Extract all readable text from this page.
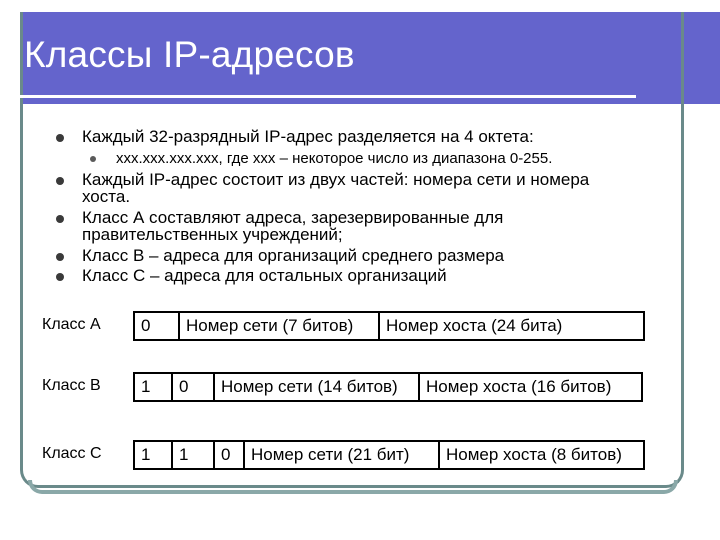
Классы IP-адресов
Каждый 32-разрядный IP-адрес разделяется на 4 октета:
xxx.xxx.xxx.xxx, где xxx – некоторое число из диапазона 0-255.
Каждый IP-адрес состоит из двух частей: номера сети и номера
хоста.
Класс А составляют адреса, зарезервированные для
правительственных учреждений;
Класс В – адреса для организаций среднего размера
Класс С – адреса для остальных организаций
Класс А	0	Номер сети (7 битов)	Номер хоста (24 бита)
Класс В	1	0	Номер сети (14 битов)	Номер хоста (16 битов)
Класс С	1	1	0	Номер сети (21 бит)	Номер хоста (8 битов)
